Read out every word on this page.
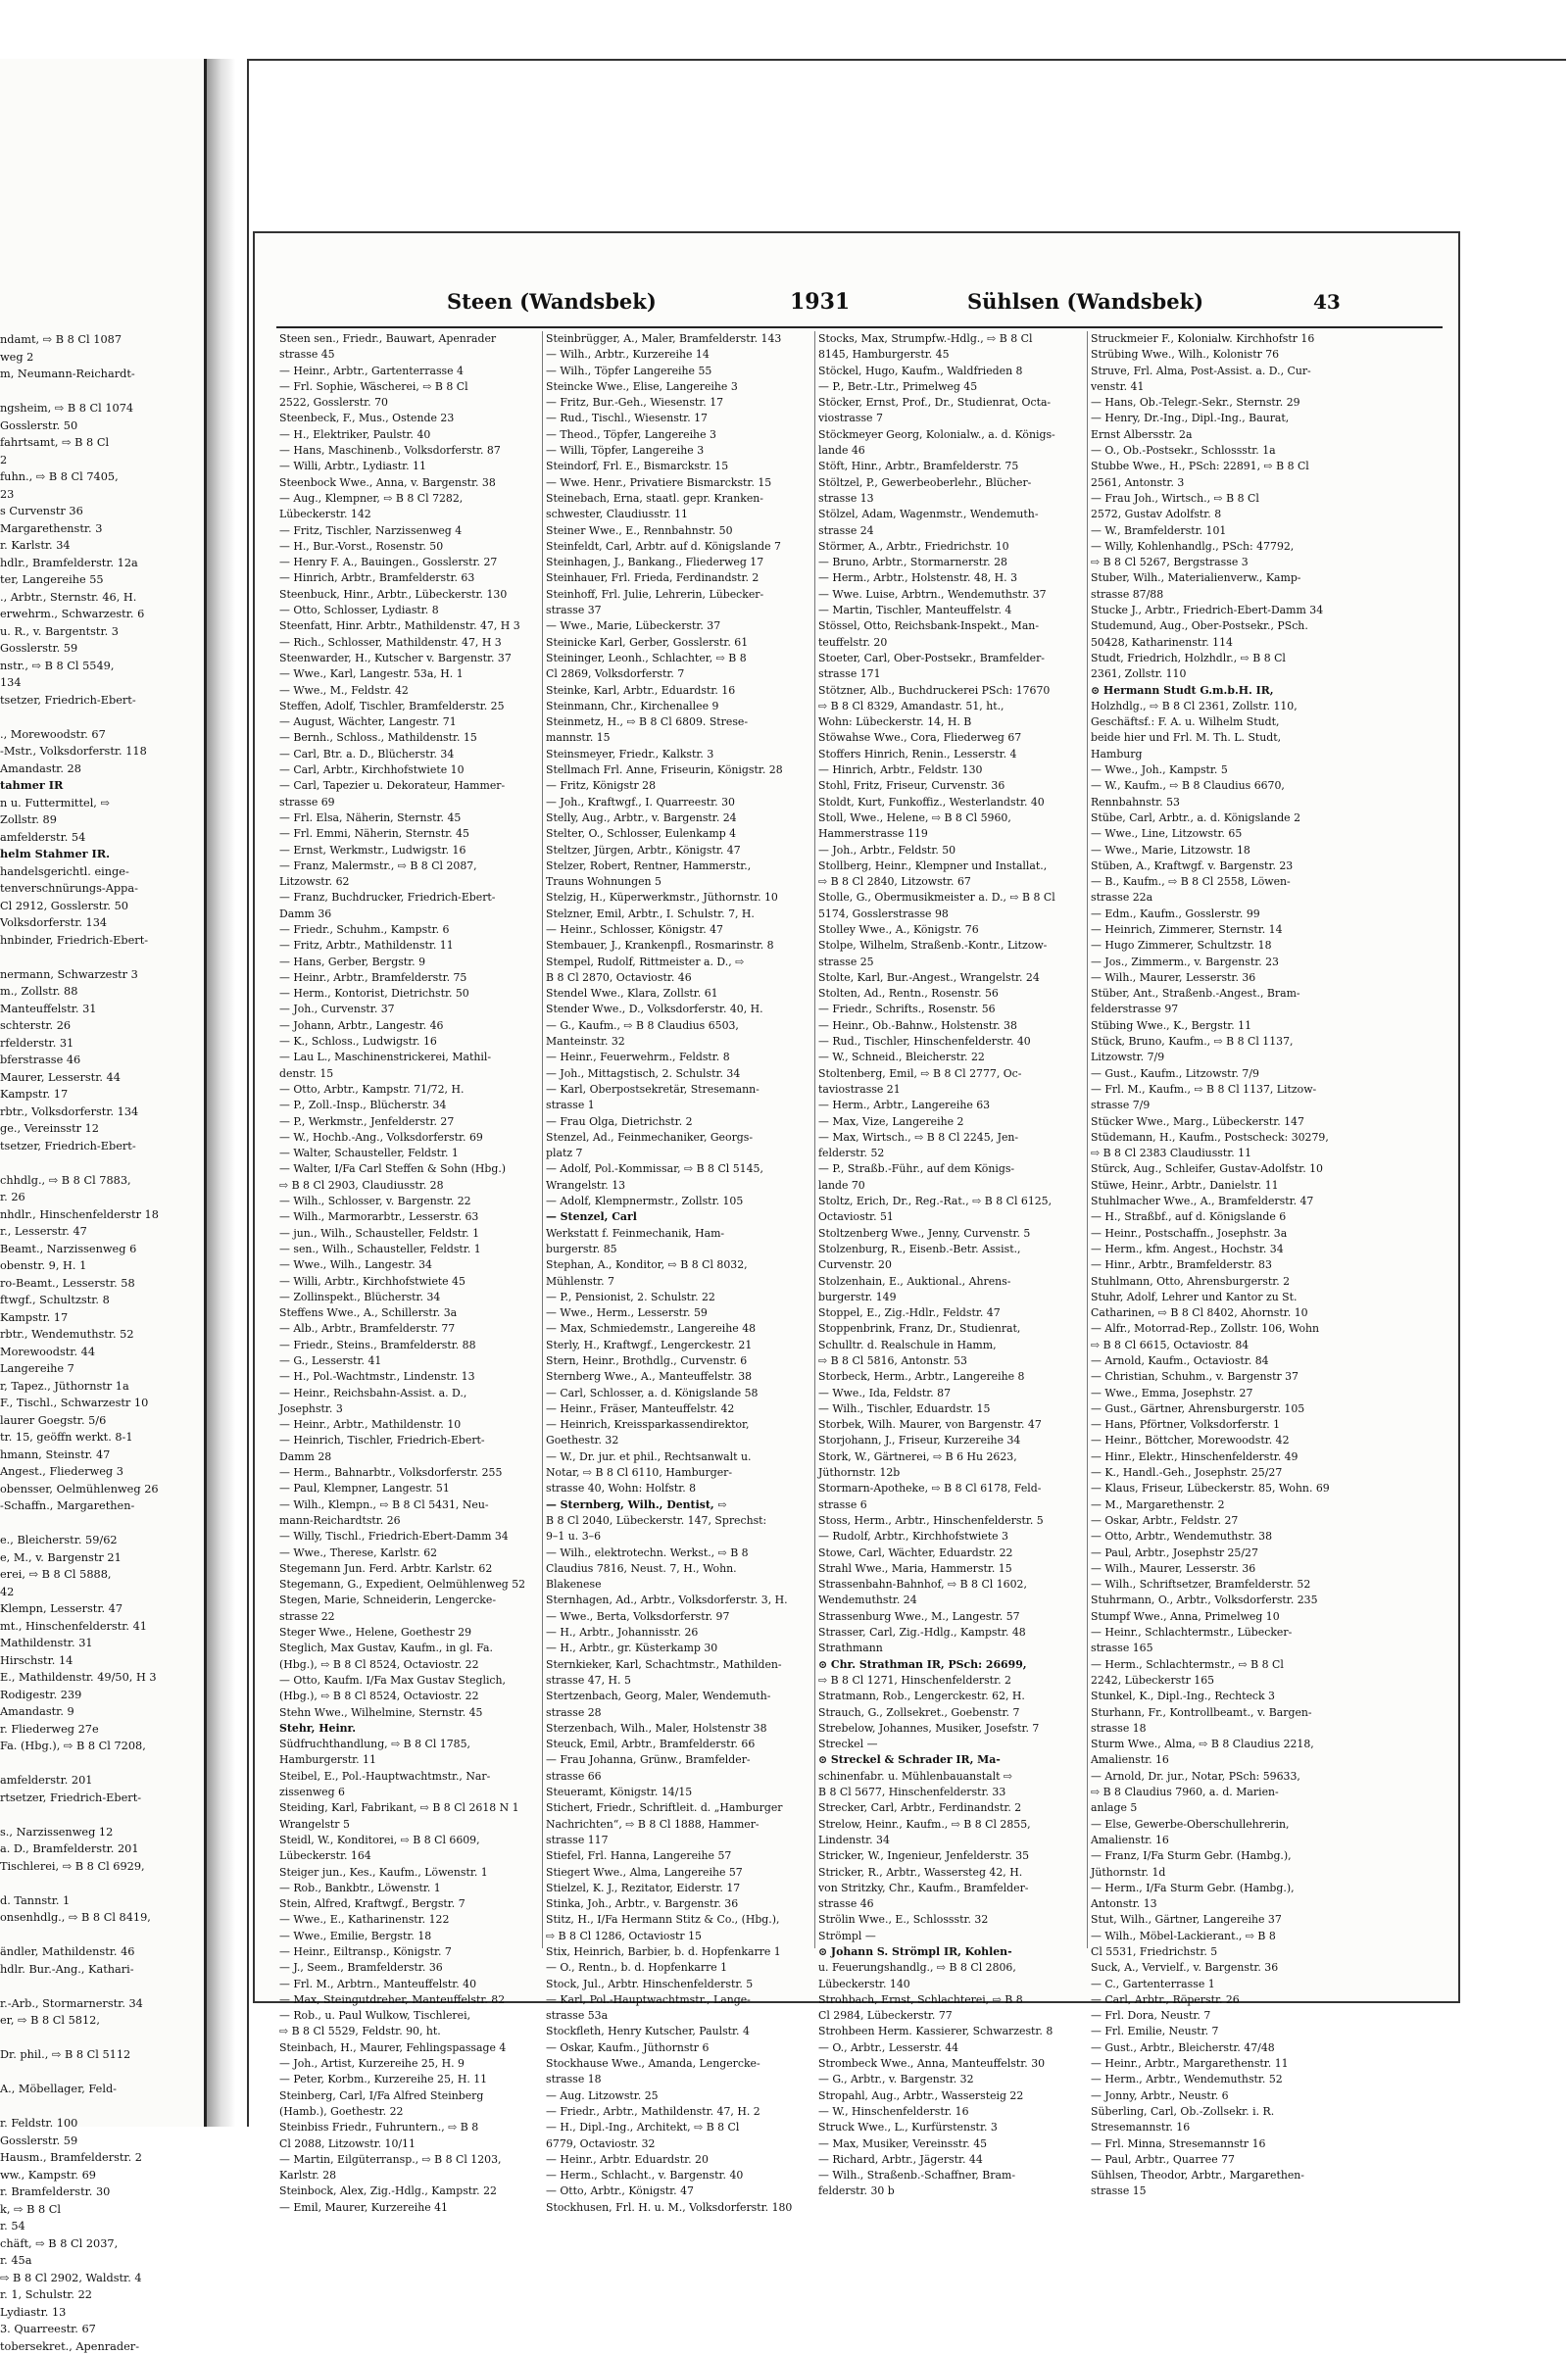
ndamt, ⇨ B 8 Cl 1087
weg 2
m, Neumann-Reichardt-

ngsheim, ⇨ B 8 Cl 1074
Gosslerstr. 50
fahrtsamt, ⇨ B 8 Cl
2
fuhn., ⇨ B 8 Cl 7405,
23
s Curvenstr 36
Margarethenstr. 3
r. Karlstr. 34
hdlr., Bramfelderstr. 12a
ter, Langereihe 55
., Arbtr., Sternstr. 46, H.
erwehrm., Schwarzestr. 6
u. R., v. Bargentstr. 3
Gosslerstr. 59
nstr., ⇨ B 8 Cl 5549,
134
tsetzer, Friedrich-Ebert-

., Morewoodstr. 67
-Mstr., Volksdorferstr. 118
Amandastr. 28
tahmer IR
n u. Futtermittel, ⇨
Zollstr. 89
amfelderstr. 54
helm Stahmer IR.
handelsgerichtl. einge-
tenverschnürungs-Appa-
Cl 2912, Gosslerstr. 50
Volksdorferstr. 134
hnbinder, Friedrich-Ebert-

nermann, Schwarzestr 3
m., Zollstr. 88
Manteuffelstr. 31
schterstr. 26
rfelderstr. 31
bferstrasse 46
Maurer, Lesserstr. 44
Kampstr. 17
rbtr., Volksdorferstr. 134
ge., Vereinsstr 12
tsetzer, Friedrich-Ebert-

chhdlg., ⇨ B 8 Cl 7883,
r. 26
nhdlr., Hinschenfelderstr 18
r., Lesserstr. 47
Beamt., Narzissenweg 6
obenstr. 9, H. 1
ro-Beamt., Lesserstr. 58
ftwgf., Schultzstr. 8
Kampstr. 17
rbtr., Wendemuthstr. 52
Morewoodstr. 44
Langereihe 7
r, Tapez., Jüthornstr 1a
F., Tischl., Schwarzestr 10
laurer Goegstr. 5/6
tr. 15, geöffn werkt. 8-1
hmann, Steinstr. 47
Angest., Fliederweg 3
obensser, Oelmühlenweg 26
-Schaffn., Margarethen-

e., Bleicherstr. 59/62
e, M., v. Bargenstr 21
erei, ⇨ B 8 Cl 5888,
42
Klempn, Lesserstr. 47
mt., Hinschenfelderstr. 41
Mathildenstr. 31
Hirschstr. 14
E., Mathildenstr. 49/50, H 3
Rodigestr. 239
Amandastr. 9
r. Fliederweg 27e
Fa. (Hbg.), ⇨ B 8 Cl 7208,

amfelderstr. 201
rtsetzer, Friedrich-Ebert-

s., Narzissenweg 12
a. D., Bramfelderstr. 201
Tischlerei, ⇨ B 8 Cl 6929,

d. Tannstr. 1
onsenhdlg., ⇨ B 8 Cl 8419,

ändler, Mathildenstr. 46
hdlr. Bur.-Ang., Kathari-

r.-Arb., Stormarnerstr. 34
er, ⇨ B 8 Cl 5812,

Dr. phil., ⇨ B 8 Cl 5112

A., Möbellager, Feld-

r. Feldstr. 100
Gosslerstr. 59
Hausm., Bramfelderstr. 2
ww., Kampstr. 69
r. Bramfelderstr. 30
k, ⇨ B 8 Cl
r. 54
chäft, ⇨ B 8 Cl 2037,
r. 45a
⇨ B 8 Cl 2902, Waldstr. 4
r. 1, Schulstr. 22
Lydiastr. 13
3. Quarreestr. 67
tobersekret., Apenrader-
Steen (Wandsbek)	1931	Sühlsen (Wandsbek)	43
Steen sen., Friedr., Bauwart, Apenrader
strasse 45
— Heinr., Arbtr., Gartenterrasse 4
— Frl. Sophie, Wäscherei, ⇨ B 8 Cl
2522, Gosslerstr. 70
Steenbeck, F., Mus., Ostende 23
— H., Elektriker, Paulstr. 40
— Hans, Maschinenb., Volksdorferstr. 87
— Willi, Arbtr., Lydiastr. 11
Steenbock Wwe., Anna, v. Bargenstr. 38
— Aug., Klempner, ⇨ B 8 Cl 7282,
Lübeckerstr. 142
— Fritz, Tischler, Narzissenweg 4
— H., Bur.-Vorst., Rosenstr. 50
— Henry F. A., Bauingen., Gosslerstr. 27
— Hinrich, Arbtr., Bramfelderstr. 63
Steenbuck, Hinr., Arbtr., Lübeckerstr. 130
— Otto, Schlosser, Lydiastr. 8
Steenfatt, Hinr. Arbtr., Mathildenstr. 47, H 3
— Rich., Schlosser, Mathildenstr. 47, H 3
Steenwarder, H., Kutscher v. Bargenstr. 37
— Wwe., Karl, Langestr. 53a, H. 1
— Wwe., M., Feldstr. 42
Steffen, Adolf, Tischler, Bramfelderstr. 25
— August, Wächter, Langestr. 71
— Bernh., Schloss., Mathildenstr. 15
— Carl, Btr. a. D., Blücherstr. 34
— Carl, Arbtr., Kirchhofstwiete 10
— Carl, Tapezier u. Dekorateur, Hammer-
strasse 69
— Frl. Elsa, Näherin, Sternstr. 45
— Frl. Emmi, Näherin, Sternstr. 45
— Ernst, Werkmstr., Ludwigstr. 16
— Franz, Malermstr., ⇨ B 8 Cl 2087,
Litzowstr. 62
— Franz, Buchdrucker, Friedrich-Ebert-
Damm 36
— Friedr., Schuhm., Kampstr. 6
— Fritz, Arbtr., Mathildenstr. 11
— Hans, Gerber, Bergstr. 9
— Heinr., Arbtr., Bramfelderstr. 75
— Herm., Kontorist, Dietrichstr. 50
— Joh., Curvenstr. 37
— Johann, Arbtr., Langestr. 46
— K., Schloss., Ludwigstr. 16
— Lau L., Maschinenstrickerei, Mathil-
denstr. 15
— Otto, Arbtr., Kampstr. 71/72, H.
— P., Zoll.-Insp., Blücherstr. 34
— P., Werkmstr., Jenfelderstr. 27
— W., Hochb.-Ang., Volksdorferstr. 69
— Walter, Schausteller, Feldstr. 1
— Walter, I/Fa Carl Steffen & Sohn (Hbg.)
⇨ B 8 Cl 2903, Claudiusstr. 28
— Wilh., Schlosser, v. Bargenstr. 22
— Wilh., Marmorarbtr., Lesserstr. 63
— jun., Wilh., Schausteller, Feldstr. 1
— sen., Wilh., Schausteller, Feldstr. 1
— Wwe., Wilh., Langestr. 34
— Willi, Arbtr., Kirchhofstwiete 45
— Zollinspekt., Blücherstr. 34
Steffens Wwe., A., Schillerstr. 3a
— Alb., Arbtr., Bramfelderstr. 77
— Friedr., Steins., Bramfelderstr. 88
— G., Lesserstr. 41
— H., Pol.-Wachtmstr., Lindenstr. 13
— Heinr., Reichsbahn-Assist. a. D.,
Josephstr. 3
— Heinr., Arbtr., Mathildenstr. 10
— Heinrich, Tischler, Friedrich-Ebert-
Damm 28
— Herm., Bahnarbtr., Volksdorferstr. 255
— Paul, Klempner, Langestr. 51
— Wilh., Klempn., ⇨ B 8 Cl 5431, Neu-
mann-Reichardtstr. 26
— Willy, Tischl., Friedrich-Ebert-Damm 34
— Wwe., Therese, Karlstr. 62
Stegemann Jun. Ferd. Arbtr. Karlstr. 62
Stegemann, G., Expedient, Oelmühlenweg 52
Stegen, Marie, Schneiderin, Lengercke-
strasse 22
Steger Wwe., Helene, Goethestr 29
Steglich, Max Gustav, Kaufm., in gl. Fa.
(Hbg.), ⇨ B 8 Cl 8524, Octaviostr. 22
— Otto, Kaufm. I/Fa Max Gustav Steglich,
(Hbg.), ⇨ B 8 Cl 8524, Octaviostr. 22
Stehn Wwe., Wilhelmine, Sternstr. 45
Stehr, Heinr.
Südfruchthandlung, ⇨ B 8 Cl 1785,
Hamburgerstr. 11
Steibel, E., Pol.-Hauptwachtmstr., Nar-
zissenweg 6
Steiding, Karl, Fabrikant, ⇨ B 8 Cl 2618 N 1
Wrangelstr 5
Steidl, W., Konditorei, ⇨ B 8 Cl 6609,
Lübeckerstr. 164
Steiger jun., Kes., Kaufm., Löwenstr. 1
— Rob., Bankbtr., Löwenstr. 1
Stein, Alfred, Kraftwgf., Bergstr. 7
— Wwe., E., Katharinenstr. 122
— Wwe., Emilie, Bergstr. 18
— Heinr., Eiltransp., Königstr. 7
— J., Seem., Bramfelderstr. 36
— Frl. M., Arbtrn., Manteuffelstr. 40
— Max, Steingutdreher, Manteuffelstr. 82
— Rob., u. Paul Wulkow, Tischlerei,
⇨ B 8 Cl 5529, Feldstr. 90, ht.
Steinbach, H., Maurer, Fehlingspassage 4
— Joh., Artist, Kurzereihe 25, H. 9
— Peter, Korbm., Kurzereihe 25, H. 11
Steinberg, Carl, I/Fa Alfred Steinberg
(Hamb.), Goethestr. 22
Steinbiss Friedr., Fuhruntern., ⇨ B 8
Cl 2088, Litzowstr. 10/11
— Martin, Eilgüterransp., ⇨ B 8 Cl 1203,
Karlstr. 28
Steinbock, Alex, Zig.-Hdlg., Kampstr. 22
— Emil, Maurer, Kurzereihe 41
Steinbrügger, A., Maler, Bramfelderstr. 143
— Wilh., Arbtr., Kurzereihe 14
— Wilh., Töpfer Langereihe 55
Steincke Wwe., Elise, Langereihe 3
— Fritz, Bur.-Geh., Wiesenstr. 17
— Rud., Tischl., Wiesenstr. 17
— Theod., Töpfer, Langereihe 3
— Willi, Töpfer, Langereihe 3
Steindorf, Frl. E., Bismarckstr. 15
— Wwe. Henr., Privatiere Bismarckstr. 15
Steinebach, Erna, staatl. gepr. Kranken-
schwester, Claudiusstr. 11
Steiner Wwe., E., Rennbahnstr. 50
Steinfeldt, Carl, Arbtr. auf d. Königslande 7
Steinhagen, J., Bankang., Fliederweg 17
Steinhauer, Frl. Frieda, Ferdinandstr. 2
Steinhoff, Frl. Julie, Lehrerin, Lübecker-
strasse 37
— Wwe., Marie, Lübeckerstr. 37
Steinicke Karl, Gerber, Gosslerstr. 61
Steininger, Leonh., Schlachter, ⇨ B 8
Cl 2869, Volksdorferstr. 7
Steinke, Karl, Arbtr., Eduardstr. 16
Steinmann, Chr., Kirchenallee 9
Steinmetz, H., ⇨ B 8 Cl 6809. Strese-
mannstr. 15
Steinsmeyer, Friedr., Kalkstr. 3
Stellmach Frl. Anne, Friseurin, Königstr. 28
— Fritz, Königstr 28
— Joh., Kraftwgf., I. Quarreestr. 30
Stelly, Aug., Arbtr., v. Bargenstr. 24
Stelter, O., Schlosser, Eulenkamp 4
Steltzer, Jürgen, Arbtr., Königstr. 47
Stelzer, Robert, Rentner, Hammerstr.,
Trauns Wohnungen 5
Stelzig, H., Küperwerkmstr., Jüthornstr. 10
Stelzner, Emil, Arbtr., I. Schulstr. 7, H.
— Heinr., Schlosser, Königstr. 47
Stembauer, J., Krankenpfl., Rosmarinstr. 8
Stempel, Rudolf, Rittmeister a. D., ⇨
B 8 Cl 2870, Octaviostr. 46
Stendel Wwe., Klara, Zollstr. 61
Stender Wwe., D., Volksdorferstr. 40, H.
— G., Kaufm., ⇨ B 8 Claudius 6503,
Manteinstr. 32
— Heinr., Feuerwehrm., Feldstr. 8
— Joh., Mittagstisch, 2. Schulstr. 34
— Karl, Oberpostsekretär, Stresemann-
strasse 1
— Frau Olga, Dietrichstr. 2
Stenzel, Ad., Feinmechaniker, Georgs-
platz 7
— Adolf, Pol.-Kommissar, ⇨ B 8 Cl 5145,
Wrangelstr. 13
— Adolf, Klempnermstr., Zollstr. 105
— Stenzel, Carl
Werkstatt f. Feinmechanik, Ham-
burgerstr. 85
Stephan, A., Konditor, ⇨ B 8 Cl 8032,
Mühlenstr. 7
— P., Pensionist, 2. Schulstr. 22
— Wwe., Herm., Lesserstr. 59
— Max, Schmiedemstr., Langereihe 48
Sterly, H., Kraftwgf., Lengerckestr. 21
Stern, Heinr., Brothdlg., Curvenstr. 6
Sternberg Wwe., A., Manteuffelstr. 38
— Carl, Schlosser, a. d. Königslande 58
— Heinr., Fräser, Manteuffelstr. 42
— Heinrich, Kreissparkassendirektor,
Goethestr. 32
— W., Dr. jur. et phil., Rechtsanwalt u.
Notar, ⇨ B 8 Cl 6110, Hamburger-
strasse 40, Wohn: Holfstr. 8
— Sternberg, Wilh., Dentist, ⇨
B 8 Cl 2040, Lübeckerstr. 147, Sprechst:
9–1 u. 3–6
— Wilh., elektrotechn. Werkst., ⇨ B 8
Claudius 7816, Neust. 7, H., Wohn.
Blakenese
Sternhagen, Ad., Arbtr., Volksdorferstr. 3, H.
— Wwe., Berta, Volksdorferstr. 97
— H., Arbtr., Johannisstr. 26
— H., Arbtr., gr. Küsterkamp 30
Sternkieker, Karl, Schachtmstr., Mathilden-
strasse 47, H. 5
Stertzenbach, Georg, Maler, Wendemuth-
strasse 28
Sterzenbach, Wilh., Maler, Holstenstr 38
Steuck, Emil, Arbtr., Bramfelderstr. 66
— Frau Johanna, Grünw., Bramfelder-
strasse 66
Steueramt, Königstr. 14/15
Stichert, Friedr., Schriftleit. d. „Hamburger
Nachrichten“, ⇨ B 8 Cl 1888, Hammer-
strasse 117
Stiefel, Frl. Hanna, Langereihe 57
Stiegert Wwe., Alma, Langereihe 57
Stielzel, K. J., Rezitator, Eiderstr. 17
Stinka, Joh., Arbtr., v. Bargenstr. 36
Stitz, H., I/Fa Hermann Stitz & Co., (Hbg.),
⇨ B 8 Cl 1286, Octaviostr 15
Stix, Heinrich, Barbier, b. d. Hopfenkarre 1
— O., Rentn., b. d. Hopfenkarre 1
Stock, Jul., Arbtr. Hinschenfelderstr. 5
— Karl, Pol.-Hauptwachtmstr., Lange-
strasse 53a
Stockfleth, Henry Kutscher, Paulstr. 4
— Oskar, Kaufm., Jüthornstr 6
Stockhause Wwe., Amanda, Lengercke-
strasse 18
— Aug. Litzowstr. 25
— Friedr., Arbtr., Mathildenstr. 47, H. 2
— H., Dipl.-Ing., Architekt, ⇨ B 8 Cl
6779, Octaviostr. 32
— Heinr., Arbtr. Eduardstr. 20
— Herm., Schlacht., v. Bargenstr. 40
— Otto, Arbtr., Königstr. 47
Stockhusen, Frl. H. u. M., Volksdorferstr. 180
Stocks, Max, Strumpfw.-Hdlg., ⇨ B 8 Cl
8145, Hamburgerstr. 45
Stöckel, Hugo, Kaufm., Waldfrieden 8
— P., Betr.-Ltr., Primelweg 45
Stöcker, Ernst, Prof., Dr., Studienrat, Octa-
viostrasse 7
Stöckmeyer Georg, Kolonialw., a. d. Königs-
lande 46
Stöft, Hinr., Arbtr., Bramfelderstr. 75
Stöltzel, P., Gewerbeoberlehr., Blücher-
strasse 13
Stölzel, Adam, Wagenmstr., Wendemuth-
strasse 24
Störmer, A., Arbtr., Friedrichstr. 10
— Bruno, Arbtr., Stormarnerstr. 28
— Herm., Arbtr., Holstenstr. 48, H. 3
— Wwe. Luise, Arbtrn., Wendemuthstr. 37
— Martin, Tischler, Manteuffelstr. 4
Stössel, Otto, Reichsbank-Inspekt., Man-
teuffelstr. 20
Stoeter, Carl, Ober-Postsekr., Bramfelder-
strasse 171
Stötzner, Alb., Buchdruckerei PSch: 17670
⇨ B 8 Cl 8329, Amandastr. 51, ht.,
Wohn: Lübeckerstr. 14, H. B
Stöwahse Wwe., Cora, Fliederweg 67
Stoffers Hinrich, Renin., Lesserstr. 4
— Hinrich, Arbtr., Feldstr. 130
Stohl, Fritz, Friseur, Curvenstr. 36
Stoldt, Kurt, Funkoffiz., Westerlandstr. 40
Stoll, Wwe., Helene, ⇨ B 8 Cl 5960,
Hammerstrasse 119
— Joh., Arbtr., Feldstr. 50
Stollberg, Heinr., Klempner und Installat.,
⇨ B 8 Cl 2840, Litzowstr. 67
Stolle, G., Obermusikmeister a. D., ⇨ B 8 Cl
5174, Gosslerstrasse 98
Stolley Wwe., A., Königstr. 76
Stolpe, Wilhelm, Straßenb.-Kontr., Litzow-
strasse 25
Stolte, Karl, Bur.-Angest., Wrangelstr. 24
Stolten, Ad., Rentn., Rosenstr. 56
— Friedr., Schrifts., Rosenstr. 56
— Heinr., Ob.-Bahnw., Holstenstr. 38
— Rud., Tischler, Hinschenfelderstr. 40
— W., Schneid., Bleicherstr. 22
Stoltenberg, Emil, ⇨ B 8 Cl 2777, Oc-
taviostrasse 21
— Herm., Arbtr., Langereihe 63
— Max, Vize, Langereihe 2
— Max, Wirtsch., ⇨ B 8 Cl 2245, Jen-
felderstr. 52
— P., Straßb.-Führ., auf dem Königs-
lande 70
Stoltz, Erich, Dr., Reg.-Rat., ⇨ B 8 Cl 6125,
Octaviostr. 51
Stoltzenberg Wwe., Jenny, Curvenstr. 5
Stolzenburg, R., Eisenb.-Betr. Assist.,
Curvenstr. 20
Stolzenhain, E., Auktional., Ahrens-
burgerstr. 149
Stoppel, E., Zig.-Hdlr., Feldstr. 47
Stoppenbrink, Franz, Dr., Studienrat,
Schulltr. d. Realschule in Hamm,
⇨ B 8 Cl 5816, Antonstr. 53
Storbeck, Herm., Arbtr., Langereihe 8
— Wwe., Ida, Feldstr. 87
— Wilh., Tischler, Eduardstr. 15
Storbek, Wilh. Maurer, von Bargenstr. 47
Storjohann, J., Friseur, Kurzereihe 34
Stork, W., Gärtnerei, ⇨ B 6 Hu 2623,
Jüthornstr. 12b
Stormarn-Apotheke, ⇨ B 8 Cl 6178, Feld-
strasse 6
Stoss, Herm., Arbtr., Hinschenfelderstr. 5
— Rudolf, Arbtr., Kirchhofstwiete 3
Stowe, Carl, Wächter, Eduardstr. 22
Strahl Wwe., Maria, Hammerstr. 15
Strassenbahn-Bahnhof, ⇨ B 8 Cl 1602,
Wendemuthstr. 24
Strassenburg Wwe., M., Langestr. 57
Strasser, Carl, Zig.-Hdlg., Kampstr. 48
Strathmann
⊙ Chr. Strathman IR, PSch: 26699,
⇨ B 8 Cl 1271, Hinschenfelderstr. 2
Stratmann, Rob., Lengerckestr. 62, H.
Strauch, G., Zollsekret., Goebenstr. 7
Strebelow, Johannes, Musiker, Josefstr. 7
Streckel —
⊙ Streckel & Schrader IR, Ma-
schinenfabr. u. Mühlenbauanstalt ⇨
B 8 Cl 5677, Hinschenfelderstr. 33
Strecker, Carl, Arbtr., Ferdinandstr. 2
Strelow, Heinr., Kaufm., ⇨ B 8 Cl 2855,
Lindenstr. 34
Stricker, W., Ingenieur, Jenfelderstr. 35
Stricker, R., Arbtr., Wassersteg 42, H.
von Stritzky, Chr., Kaufm., Bramfelder-
strasse 46
Strölin Wwe., E., Schlossstr. 32
Strömpl —
⊙ Johann S. Strömpl IR, Kohlen-
u. Feuerungshandlg., ⇨ B 8 Cl 2806,
Lübeckerstr. 140
Strohbach, Ernst, Schlachterei, ⇨ B 8
Cl 2984, Lübeckerstr. 77
Strohbeen Herm. Kassierer, Schwarzestr. 8
— O., Arbtr., Lesserstr. 44
Strombeck Wwe., Anna, Manteuffelstr. 30
— G., Arbtr., v. Bargenstr. 32
Stropahl, Aug., Arbtr., Wassersteig 22
— W., Hinschenfelderstr. 16
Struck Wwe., L., Kurfürstenstr. 3
— Max, Musiker, Vereinsstr. 45
— Richard, Arbtr., Jägerstr. 44
— Wilh., Straßenb.-Schaffner, Bram-
felderstr. 30 b
Struckmeier F., Kolonialw. Kirchhofstr 16
Strübing Wwe., Wilh., Kolonistr 76
Struve, Frl. Alma, Post-Assist. a. D., Cur-
venstr. 41
— Hans, Ob.-Telegr.-Sekr., Sternstr. 29
— Henry, Dr.-Ing., Dipl.-Ing., Baurat,
Ernst Albersstr. 2a
— O., Ob.-Postsekr., Schlossstr. 1a
Stubbe Wwe., H., PSch: 22891, ⇨ B 8 Cl
2561, Antonstr. 3
— Frau Joh., Wirtsch., ⇨ B 8 Cl
2572, Gustav Adolfstr. 8
— W., Bramfelderstr. 101
— Willy, Kohlenhandlg., PSch: 47792,
⇨ B 8 Cl 5267, Bergstrasse 3
Stuber, Wilh., Materialienverw., Kamp-
strasse 87/88
Stucke J., Arbtr., Friedrich-Ebert-Damm 34
Studemund, Aug., Ober-Postsekr., PSch.
50428, Katharinenstr. 114
Studt, Friedrich, Holzhdlr., ⇨ B 8 Cl
2361, Zollstr. 110
⊙ Hermann Studt G.m.b.H. IR,
Holzhdlg., ⇨ B 8 Cl 2361, Zollstr. 110,
Geschäftsf.: F. A. u. Wilhelm Studt,
beide hier und Frl. M. Th. L. Studt,
Hamburg
— Wwe., Joh., Kampstr. 5
— W., Kaufm., ⇨ B 8 Claudius 6670,
Rennbahnstr. 53
Stübe, Carl, Arbtr., a. d. Königslande 2
— Wwe., Line, Litzowstr. 65
— Wwe., Marie, Litzowstr. 18
Stüben, A., Kraftwgf. v. Bargenstr. 23
— B., Kaufm., ⇨ B 8 Cl 2558, Löwen-
strasse 22a
— Edm., Kaufm., Gosslerstr. 99
— Heinrich, Zimmerer, Sternstr. 14
— Hugo Zimmerer, Schultzstr. 18
— Jos., Zimmerm., v. Bargenstr. 23
— Wilh., Maurer, Lesserstr. 36
Stüber, Ant., Straßenb.-Angest., Bram-
felderstrasse 97
Stübing Wwe., K., Bergstr. 11
Stück, Bruno, Kaufm., ⇨ B 8 Cl 1137,
Litzowstr. 7/9
— Gust., Kaufm., Litzowstr. 7/9
— Frl. M., Kaufm., ⇨ B 8 Cl 1137, Litzow-
strasse 7/9
Stücker Wwe., Marg., Lübeckerstr. 147
Stüdemann, H., Kaufm., Postscheck: 30279,
⇨ B 8 Cl 2383 Claudiusstr. 11
Stürck, Aug., Schleifer, Gustav-Adolfstr. 10
Stüwe, Heinr., Arbtr., Danielstr. 11
Stuhlmacher Wwe., A., Bramfelderstr. 47
— H., Straßbf., auf d. Königslande 6
— Heinr., Postschaffn., Josephstr. 3a
— Herm., kfm. Angest., Hochstr. 34
— Hinr., Arbtr., Bramfelderstr. 83
Stuhlmann, Otto, Ahrensburgerstr. 2
Stuhr, Adolf, Lehrer und Kantor zu St.
Catharinen, ⇨ B 8 Cl 8402, Ahornstr. 10
— Alfr., Motorrad-Rep., Zollstr. 106, Wohn
⇨ B 8 Cl 6615, Octaviostr. 84
— Arnold, Kaufm., Octaviostr. 84
— Christian, Schuhm., v. Bargenstr 37
— Wwe., Emma, Josephstr. 27
— Gust., Gärtner, Ahrensburgerstr. 105
— Hans, Pförtner, Volksdorferstr. 1
— Heinr., Böttcher, Morewoodstr. 42
— Hinr., Elektr., Hinschenfelderstr. 49
— K., Handl.-Geh., Josephstr. 25/27
— Klaus, Friseur, Lübeckerstr. 85, Wohn. 69
— M., Margarethenstr. 2
— Oskar, Arbtr., Feldstr. 27
— Otto, Arbtr., Wendemuthstr. 38
— Paul, Arbtr., Josephstr 25/27
— Wilh., Maurer, Lesserstr. 36
— Wilh., Schriftsetzer, Bramfelderstr. 52
Stuhrmann, O., Arbtr., Volksdorferstr. 235
Stumpf Wwe., Anna, Primelweg 10
— Heinr., Schlachtermstr., Lübecker-
strasse 165
— Herm., Schlachtermstr., ⇨ B 8 Cl
2242, Lübeckerstr 165
Stunkel, K., Dipl.-Ing., Rechteck 3
Sturhann, Fr., Kontrollbeamt., v. Bargen-
strasse 18
Sturm Wwe., Alma, ⇨ B 8 Claudius 2218,
Amalienstr. 16
— Arnold, Dr. jur., Notar, PSch: 59633,
⇨ B 8 Claudius 7960, a. d. Marien-
anlage 5
— Else, Gewerbe-Oberschullehrerin,
Amalienstr. 16
— Franz, I/Fa Sturm Gebr. (Hambg.),
Jüthornstr. 1d
— Herm., I/Fa Sturm Gebr. (Hambg.),
Antonstr. 13
Stut, Wilh., Gärtner, Langereihe 37
— Wilh., Möbel-Lackierant., ⇨ B 8
Cl 5531, Friedrichstr. 5
Suck, A., Vervielf., v. Bargenstr. 36
— C., Gartenterrasse 1
— Carl, Arbtr., Röperstr. 26
— Frl. Dora, Neustr. 7
— Frl. Emilie, Neustr. 7
— Gust., Arbtr., Bleicherstr. 47/48
— Heinr., Arbtr., Margarethenstr. 11
— Herm., Arbtr., Wendemuthstr. 52
— Jonny, Arbtr., Neustr. 6
Süberling, Carl, Ob.-Zollsekr. i. R.
Stresemannstr. 16
— Frl. Minna, Stresemannstr 16
— Paul, Arbtr., Quarree 77
Sühlsen, Theodor, Arbtr., Margarethen-
strasse 15
